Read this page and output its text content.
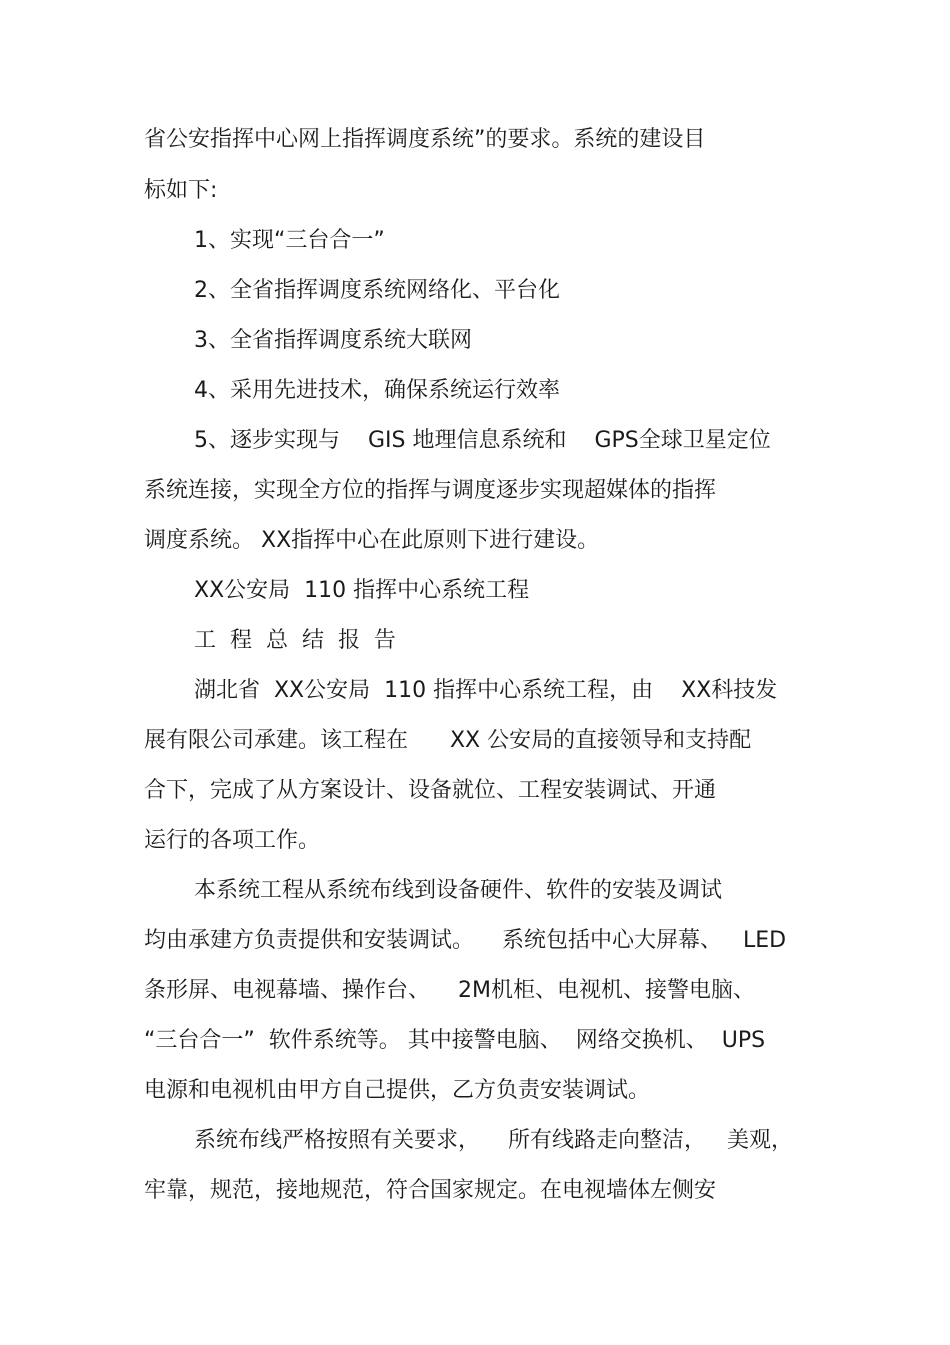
省公安指挥中心网上指挥调度系统”的要求。系统的建设目
标如下:
1、实现“三台合一”
2、全省指挥调度系统网络化、平台化
3、全省指挥调度系统大联网
4、采用先进技术，确保系统运行效率
5、逐步实现与    GIS 地理信息系统和    GPS全球卫星定位
系统连接，实现全方位的指挥与调度逐步实现超媒体的指挥
调度系统。 XX指挥中心在此原则下进行建设。
XX公安局  110 指挥中心系统工程
工  程  总  结  报  告
湖北省  XX公安局  110 指挥中心系统工程，由    XX科技发
展有限公司承建。该工程在      XX 公安局的直接领导和支持配
合下，完成了从方案设计、设备就位、工程安装调试、开通
运行的各项工作。
本系统工程从系统布线到设备硬件、软件的安装及调试
均由承建方负责提供和安装调试。    系统包括中心大屏幕、   LED
条形屏、电视幕墙、操作台、    2M机柜、电视机、接警电脑、
“三台合一”  软件系统等。 其中接警电脑、  网络交换机、  UPS
电源和电视机由甲方自己提供，乙方负责安装调试。
系统布线严格按照有关要求，    所有线路走向整洁，   美观，
牢靠，规范，接地规范，符合国家规定。在电视墙体左侧安
